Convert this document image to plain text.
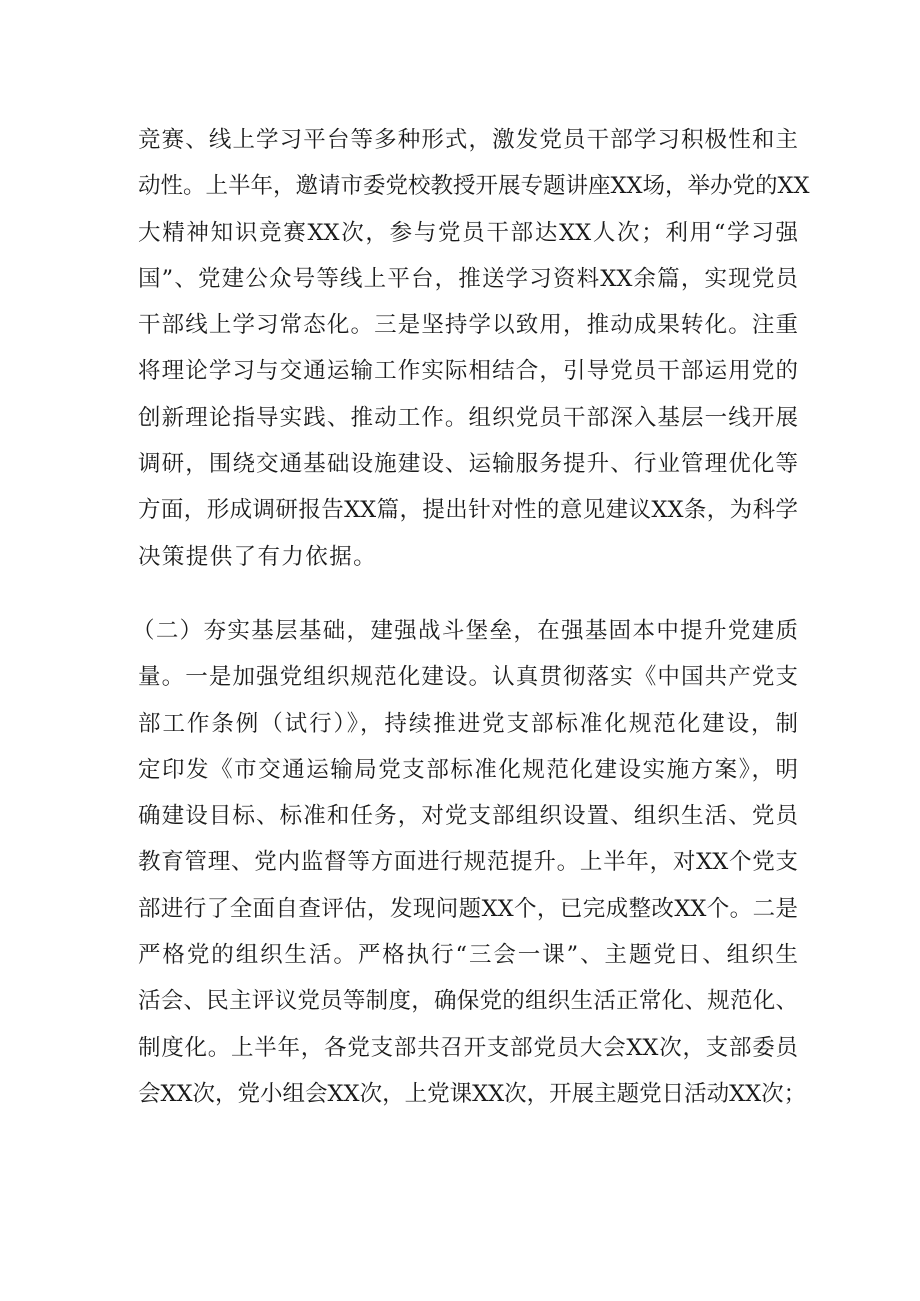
竞赛、线上学习平台等多种形式，激发党员干部学习积极性和主
动性。上半年，邀请市委党校教授开展专题讲座XX场，举办党的XX
大精神知识竞赛XX次，参与党员干部达XX人次；利用“学习强
国”、党建公众号等线上平台，推送学习资料XX余篇，实现党员
干部线上学习常态化。三是坚持学以致用，推动成果转化。注重
将理论学习与交通运输工作实际相结合，引导党员干部运用党的
创新理论指导实践、推动工作。组织党员干部深入基层一线开展
调研，围绕交通基础设施建设、运输服务提升、行业管理优化等
方面，形成调研报告XX篇，提出针对性的意见建议XX条，为科学
决策提供了有力依据。
（二）夯实基层基础，建强战斗堡垒，在强基固本中提升党建质
量。一是加强党组织规范化建设。认真贯彻落实《中国共产党支
部工作条例（试行）》，持续推进党支部标准化规范化建设，制
定印发《市交通运输局党支部标准化规范化建设实施方案》，明
确建设目标、标准和任务，对党支部组织设置、组织生活、党员
教育管理、党内监督等方面进行规范提升。上半年，对XX个党支
部进行了全面自查评估，发现问题XX个，已完成整改XX个。二是
严格党的组织生活。严格执行“三会一课”、主题党日、组织生
活会、民主评议党员等制度，确保党的组织生活正常化、规范化、
制度化。上半年，各党支部共召开支部党员大会XX次，支部委员
会XX次，党小组会XX次，上党课XX次，开展主题党日活动XX次；
